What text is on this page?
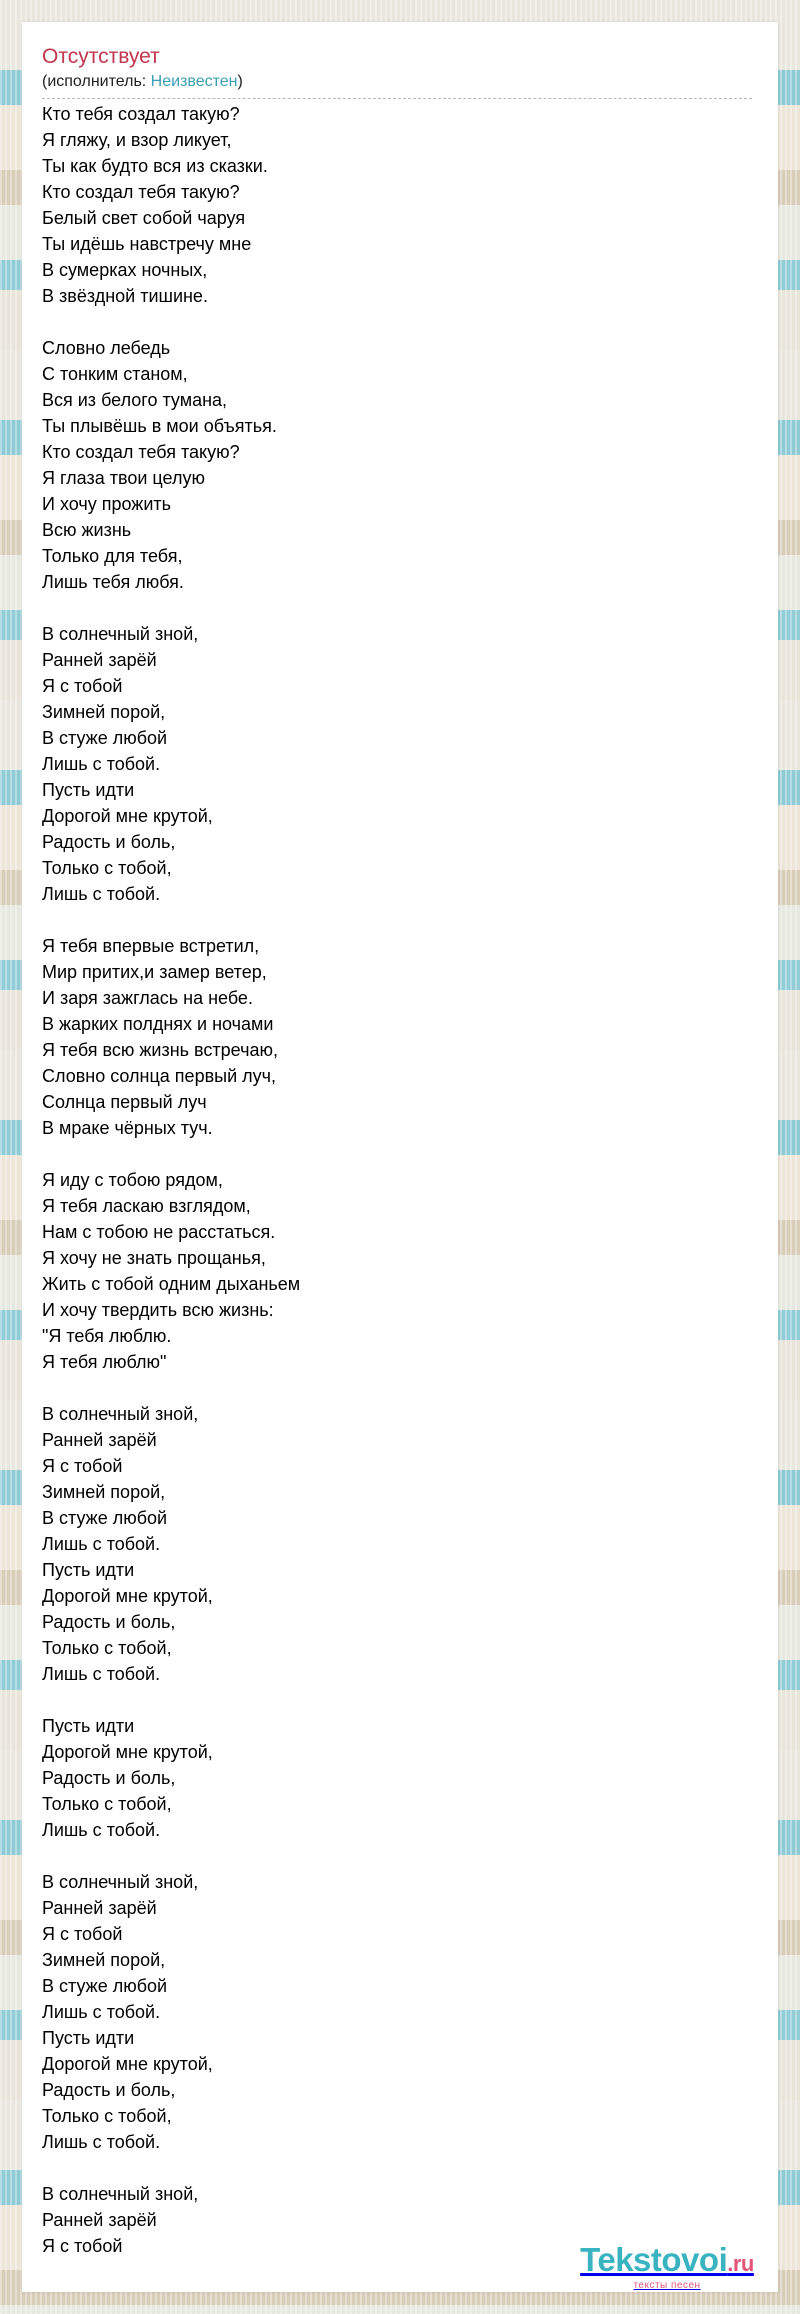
Отсутствует
(исполнитель: Неизвестен)
Кто тебя создал такую?
Я гляжу, и взор ликует,
Ты как будто вся из сказки.
Кто создал тебя такую?
Белый свет собой чаруя
Ты идёшь навстречу мне
В сумерках ночных,
В звёздной тишине.

Словно лебедь
С тонким станом,
Вся из белого тумана,
Ты плывёшь в мои объятья.
Кто создал тебя такую?
Я глаза твои целую
И хочу прожить
Всю жизнь
Только для тебя,
Лишь тебя любя.

В солнечный зной,
Ранней зарёй
Я с тобой
Зимней порой,
В стуже любой
Лишь с тобой.
Пусть идти
Дорогой мне крутой,
Радость и боль,
Только с тобой,
Лишь с тобой.

Я тебя впервые встретил,
Мир притих,и замер ветер,
И заря зажглась на небе.
В жарких полднях и ночами
Я тебя всю жизнь встречаю,
Словно солнца первый луч,
Солнца первый луч
В мраке чёрных туч.

Я иду с тобою рядом,
Я тебя ласкаю взглядом,
Нам с тобою не расстаться.
Я хочу не знать прощанья,
Жить с тобой одним дыханьем
И хочу твердить всю жизнь:
"Я тебя люблю.
Я тебя люблю"

В солнечный зной,
Ранней зарёй
Я с тобой
Зимней порой,
В стуже любой
Лишь с тобой.
Пусть идти
Дорогой мне крутой,
Радость и боль,
Только с тобой,
Лишь с тобой.

Пусть идти
Дорогой мне крутой,
Радость и боль,
Только с тобой,
Лишь с тобой.

В солнечный зной,
Ранней зарёй
Я с тобой
Зимней порой,
В стуже любой
Лишь с тобой.
Пусть идти
Дорогой мне крутой,
Радость и боль,
Только с тобой,
Лишь с тобой.

В солнечный зной,
Ранней зарёй
Я с тобой	Tekstovoi.ru
тексты песен
